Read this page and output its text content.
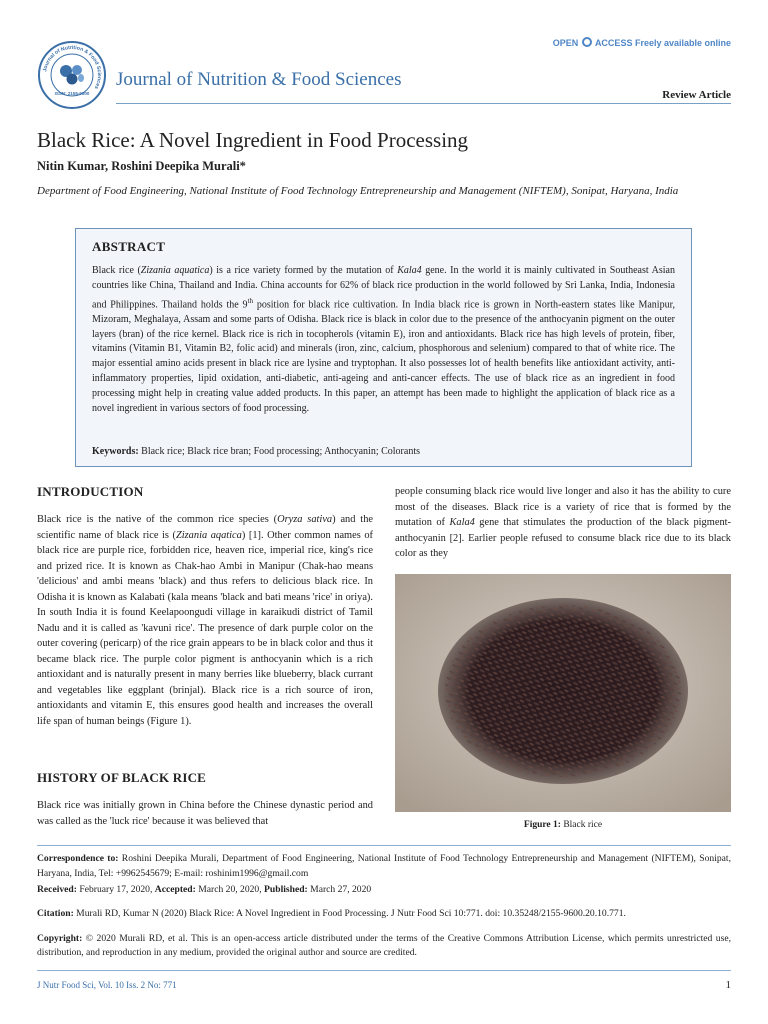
Journal of Nutrition & Food Sciences
ISSN: 2155-9600
Journal of Nutrition & Food Sciences
OPEN ACCESS Freely available online
Review Article
Black Rice: A Novel Ingredient in Food Processing
Nitin Kumar, Roshini Deepika Murali*
Department of Food Engineering, National Institute of Food Technology Entrepreneurship and Management (NIFTEM), Sonipat, Haryana, India
ABSTRACT
Black rice (Zizania aquatica) is a rice variety formed by the mutation of Kala4 gene. In the world it is mainly cultivated in Southeast Asian countries like China, Thailand and India. China accounts for 62% of black rice production in the world followed by Sri Lanka, India, Indonesia and Philippines. Thailand holds the 9th position for black rice cultivation. In India black rice is grown in North-eastern states like Manipur, Mizoram, Meghalaya, Assam and some parts of Odisha. Black rice is black in color due to the presence of the anthocyanin pigment on the outer layers (bran) of the rice kernel. Black rice is rich in tocopherols (vitamin E), iron and antioxidants. Black rice has high levels of protein, fiber, vitamins (Vitamin B1, Vitamin B2, folic acid) and minerals (iron, zinc, calcium, phosphorous and selenium) compared to that of white rice. The major essential amino acids present in black rice are lysine and tryptophan. It also possesses lot of health benefits like antioxidant activity, anti-inflammatory properties, lipid oxidation, anti-diabetic, anti-ageing and anti-cancer effects. The use of black rice as an ingredient in food processing might help in creating value added products. In this paper, an attempt has been made to highlight the application of black rice as a novel ingredient in various sectors of food processing.
Keywords: Black rice; Black rice bran; Food processing; Anthocyanin; Colorants
INTRODUCTION
Black rice is the native of the common rice species (Oryza sativa) and the scientific name of black rice is (Zizania aqatica) [1]. Other common names of black rice are purple rice, forbidden rice, heaven rice, imperial rice, king's rice and prized rice. It is known as Chak-hao Ambi in Manipur (Chak-hao means 'delicious' and ambi means 'black) and thus refers to delicious black rice. In Odisha it is known as Kalabati (kala means 'black and bati means 'rice' in oriya). In south India it is found Keelapoongudi village in karaikudi district of Tamil Nadu and it is called as 'kavuni rice'. The presence of dark purple color on the outer covering (pericarp) of the rice grain appears to be in black color and thus it became black rice. The purple color pigment is anthocyanin which is a rich antioxidant and is naturally present in many berries like blueberry, black currant and vegetables like eggplant (brinjal). Black rice is a rich source of iron, antioxidants and vitamin E, this ensures good health and increases the overall life span of human beings (Figure 1).
HISTORY OF BLACK RICE
Black rice was initially grown in China before the Chinese dynastic period and was called as the 'luck rice' because it was believed that
people consuming black rice would live longer and also it has the ability to cure most of the diseases. Black rice is a variety of rice that is formed by the mutation of Kala4 gene that stimulates the production of the black pigment- anthocyanin [2]. Earlier people refused to consume black rice due to its black color as they
Figure 1: Black rice
Correspondence to: Roshini Deepika Murali, Department of Food Engineering, National Institute of Food Technology Entrepreneurship and Management (NIFTEM), Sonipat, Haryana, India, Tel: +9962545679; E-mail: roshinim1996@gmail.com
Received: February 17, 2020, Accepted: March 20, 2020, Published: March 27, 2020
Citation: Murali RD, Kumar N (2020) Black Rice: A Novel Ingredient in Food Processing. J Nutr Food Sci 10:771. doi: 10.35248/2155-9600.20.10.771.
Copyright: © 2020 Murali RD, et al. This is an open-access article distributed under the terms of the Creative Commons Attribution License, which permits unrestricted use, distribution, and reproduction in any medium, provided the original author and source are credited.
J Nutr Food Sci, Vol. 10 Iss. 2 No: 771	1
